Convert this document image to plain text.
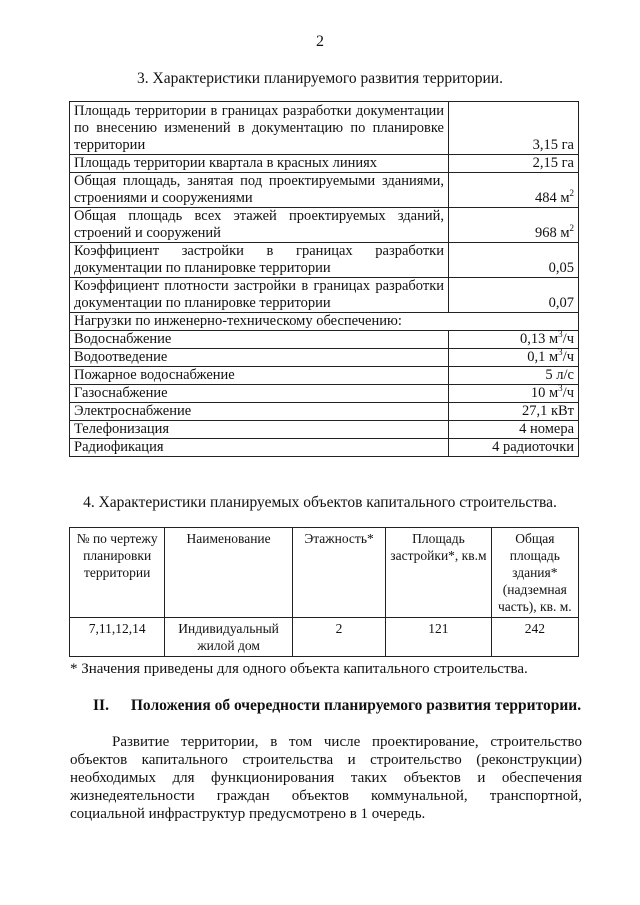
2
3. Характеристики планируемого развития территории.
Площадь территории в границах разработки документации по внесению изменений в документацию по планировке территории	3,15 га
Площадь территории квартала в красных линиях	2,15 га
Общая площадь, занятая под проектируемыми зданиями, строениями и сооружениями	484 $м^2$
Общая площадь всех этажей проектируемых зданий, строений и сооружений	968 $м^2$
Коэффициент застройки в границах разработки документации по планировке территории	0,05
Коэффициент плотности застройки в границах разработки документации по планировке территории	0,07
Нагрузки по инженерно-техническому обеспечению:	
Водоснабжение	0,13 $м^3/ч$
Водоотведение	0,1 $м^3/ч$
Пожарное водоснабжение	5 л/с
Газоснабжение	10 $м^3/ч$
Электроснабжение	27,1 кВт
Телефонизация	4 номера
Радиофикация	4 радиоточки
4. Характеристики планируемых объектов капитального строительства.
№ по чертежу планировки территории	Наименование	Этажность*	Площадь застройки*, кв.м	Общая площадь здания* (надземная часть), кв. м.
7,11,12,14	Индивидуальный жилой дом	2	121	242
* Значения приведены для одного объекта капитального строительства.
II. Положения об очередности планируемого развития территории.
Развитие территории, в том числе проектирование, строительство объектов капитального строительства и строительство (реконструкции) необходимых для функционирования таких объектов и обеспечения жизнедеятельности граждан объектов коммунальной, транспортной, социальной инфраструктур предусмотрено в 1 очередь.
